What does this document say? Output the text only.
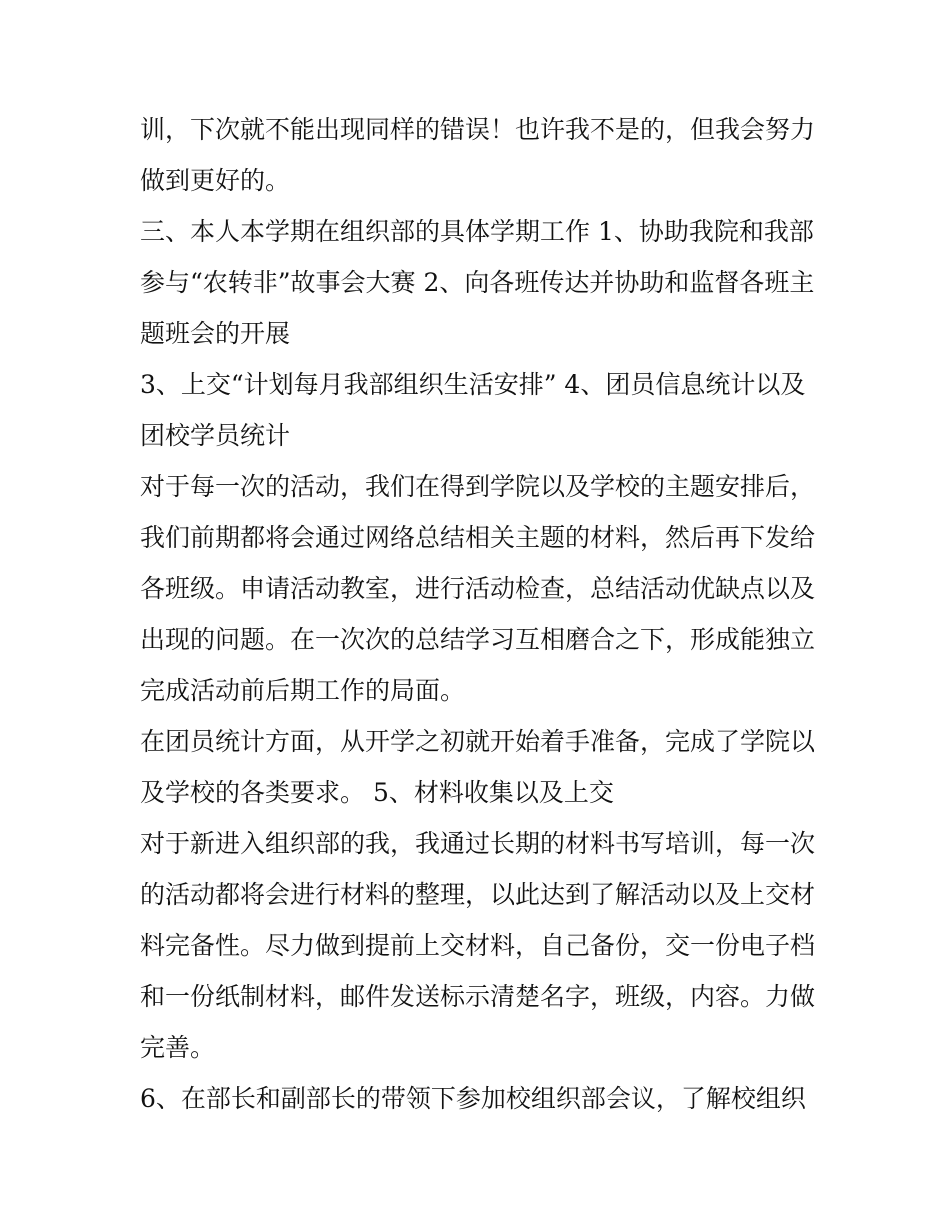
训，下次就不能出现同样的错误！也许我不是的，但我会努力
做到更好的。
三、本人本学期在组织部的具体学期工作 1、协助我院和我部
参与“农转非”故事会大赛 2、向各班传达并协助和监督各班主
题班会的开展
3、上交“计划每月我部组织生活安排” 4、团员信息统计以及
团校学员统计
对于每一次的活动，我们在得到学院以及学校的主题安排后，
我们前期都将会通过网络总结相关主题的材料，然后再下发给
各班级。申请活动教室，进行活动检查，总结活动优缺点以及
出现的问题。在一次次的总结学习互相磨合之下，形成能独立
完成活动前后期工作的局面。
在团员统计方面，从开学之初就开始着手准备，完成了学院以
及学校的各类要求。 5、材料收集以及上交
对于新进入组织部的我，我通过长期的材料书写培训，每一次
的活动都将会进行材料的整理，以此达到了解活动以及上交材
料完备性。尽力做到提前上交材料，自己备份，交一份电子档
和一份纸制材料，邮件发送标示清楚名字，班级，内容。力做
完善。
6、在部长和副部长的带领下参加校组织部会议，了解校组织
